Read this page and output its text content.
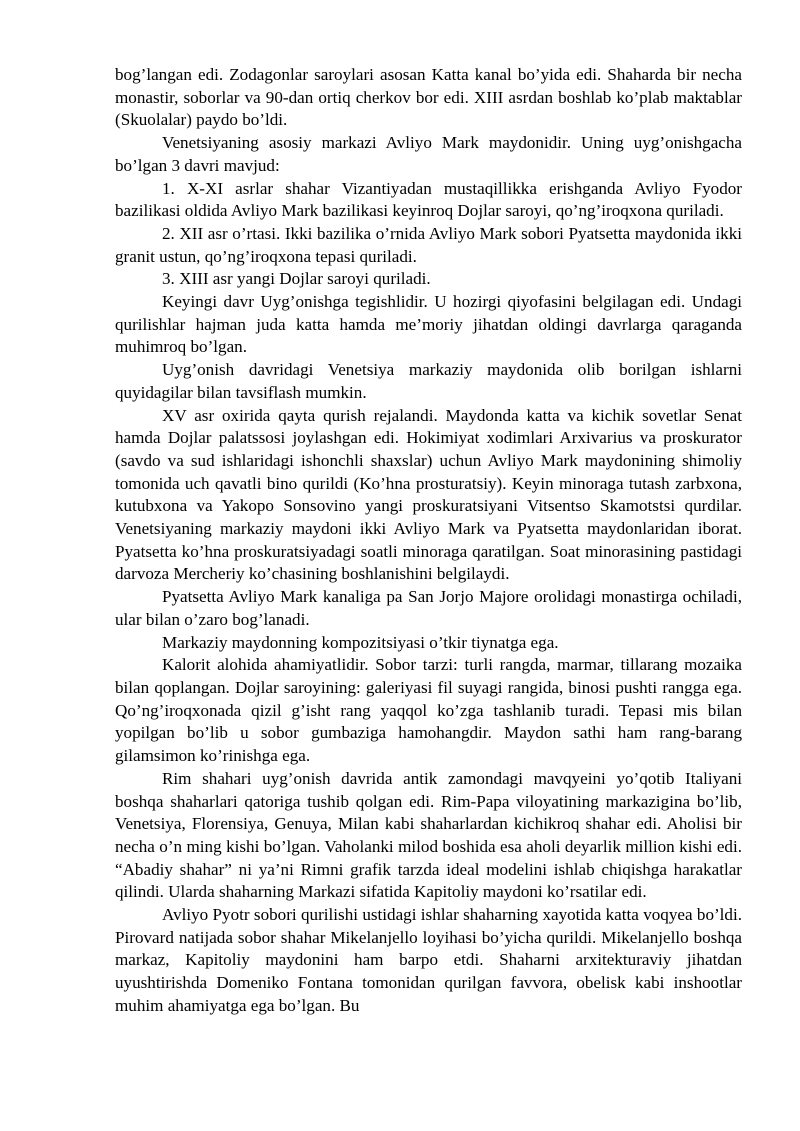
bog’langan edi. Zodagonlar saroylari asosan Katta kanal bo’yida edi. Shaharda bir necha monastir, soborlar va 90-dan ortiq cherkov bor edi. XIII asrdan boshlab ko’plab maktablar (Skuolalar) paydo bo’ldi.

Venetsiyaning asosiy markazi Avliyo Mark maydonidir. Uning uyg’onishgacha bo’lgan 3 davri mavjud:

1. X-XI asrlar shahar Vizantiyadan mustaqillikka erishganda Avliyo Fyodor bazilikasi oldida Avliyo Mark bazilikasi keyinroq Dojlar saroyi, qo’ng’iroqxona quriladi.

2. XII asr o’rtasi. Ikki bazilika o’rnida Avliyo Mark sobori Pyatsetta maydonida ikki granit ustun, qo’ng’iroqxona tepasi quriladi.

3. XIII asr yangi Dojlar saroyi quriladi.

Keyingi davr Uyg’onishga tegishlidir. U hozirgi qiyofasini belgilagan edi. Undagi qurilishlar hajman juda katta hamda me’moriy jihatdan oldingi davrlarga qaraganda muhimroq bo’lgan.

Uyg’onish davridagi Venetsiya markaziy maydonida olib borilgan ishlarni quyidagilar bilan tavsiflash mumkin.

XV asr oxirida qayta qurish rejalandi. Maydonda katta va kichik sovetlar Senat hamda Dojlar palatssosi joylashgan edi. Hokimiyat xodimlari Arxivarius va proskurator (savdo va sud ishlaridagi ishonchli shaxslar) uchun Avliyo Mark maydonining shimoliy tomonida uch qavatli bino qurildi (Ko’hna prosturatsiy). Keyin minoraga tutash zarbxona, kutubxona va Yakopo Sonsovino yangi proskuratsiyani Vitsentso Skamotstsi qurdilar. Venetsiyaning markaziy maydoni ikki Avliyo Mark va Pyatsetta maydonlaridan iborat. Pyatsetta ko’hna proskuratsiyadagi soatli minoraga qaratilgan. Soat minorasining pastidagi darvoza Mercheriy ko’chasining boshlanishini belgilaydi.

Pyatsetta Avliyo Mark kanaliga pa San Jorjo Majore orolidagi monastirga ochiladi, ular bilan o’zaro bog’lanadi.

Markaziy maydonning kompozitsiyasi o’tkir tiynatga ega.

Kalorit alohida ahamiyatlidir. Sobor tarzi: turli rangda, marmar, tillarang mozaika bilan qoplangan. Dojlar saroyining: galeriyasi fil suyagi rangida, binosi pushti rangga ega. Qo’ng’iroqxonada qizil g’isht rang yaqqol ko’zga tashlanib turadi. Tepasi mis bilan yopilgan bo’lib u sobor gumbaziga hamohangdir. Maydon sathi ham rang-barang gilamsimon ko’rinishga ega.

Rim shahari uyg’onish davrida antik zamondagi mavqyeini yo’qotib Italiyani boshqa shaharlari qatoriga tushib qolgan edi. Rim-Papa viloyatining markazigina bo’lib, Venetsiya, Florensiya, Genuya, Milan kabi shaharlardan kichikroq shahar edi. Aholisi bir necha o’n ming kishi bo’lgan. Vaholanki milod boshida esa aholi deyarlik million kishi edi. “Abadiy shahar” ni ya’ni Rimni grafik tarzda ideal modelini ishlab chiqishga harakatlar qilindi. Ularda shaharning Markazi sifatida Kapitoliy maydoni ko’rsatilar edi.

Avliyo Pyotr sobori qurilishi ustidagi ishlar shaharning xayotida katta voqyea bo’ldi. Pirovard natijada sobor shahar Mikelanjello loyihasi bo’yicha qurildi. Mikelanjello boshqa markaz, Kapitoliy maydonini ham barpo etdi. Shaharni arxitekturaviy jihatdan uyushtirishda Domeniko Fontana tomonidan qurilgan favvora, obelisk kabi inshootlar muhim ahamiyatga ega bo’lgan. Bu
